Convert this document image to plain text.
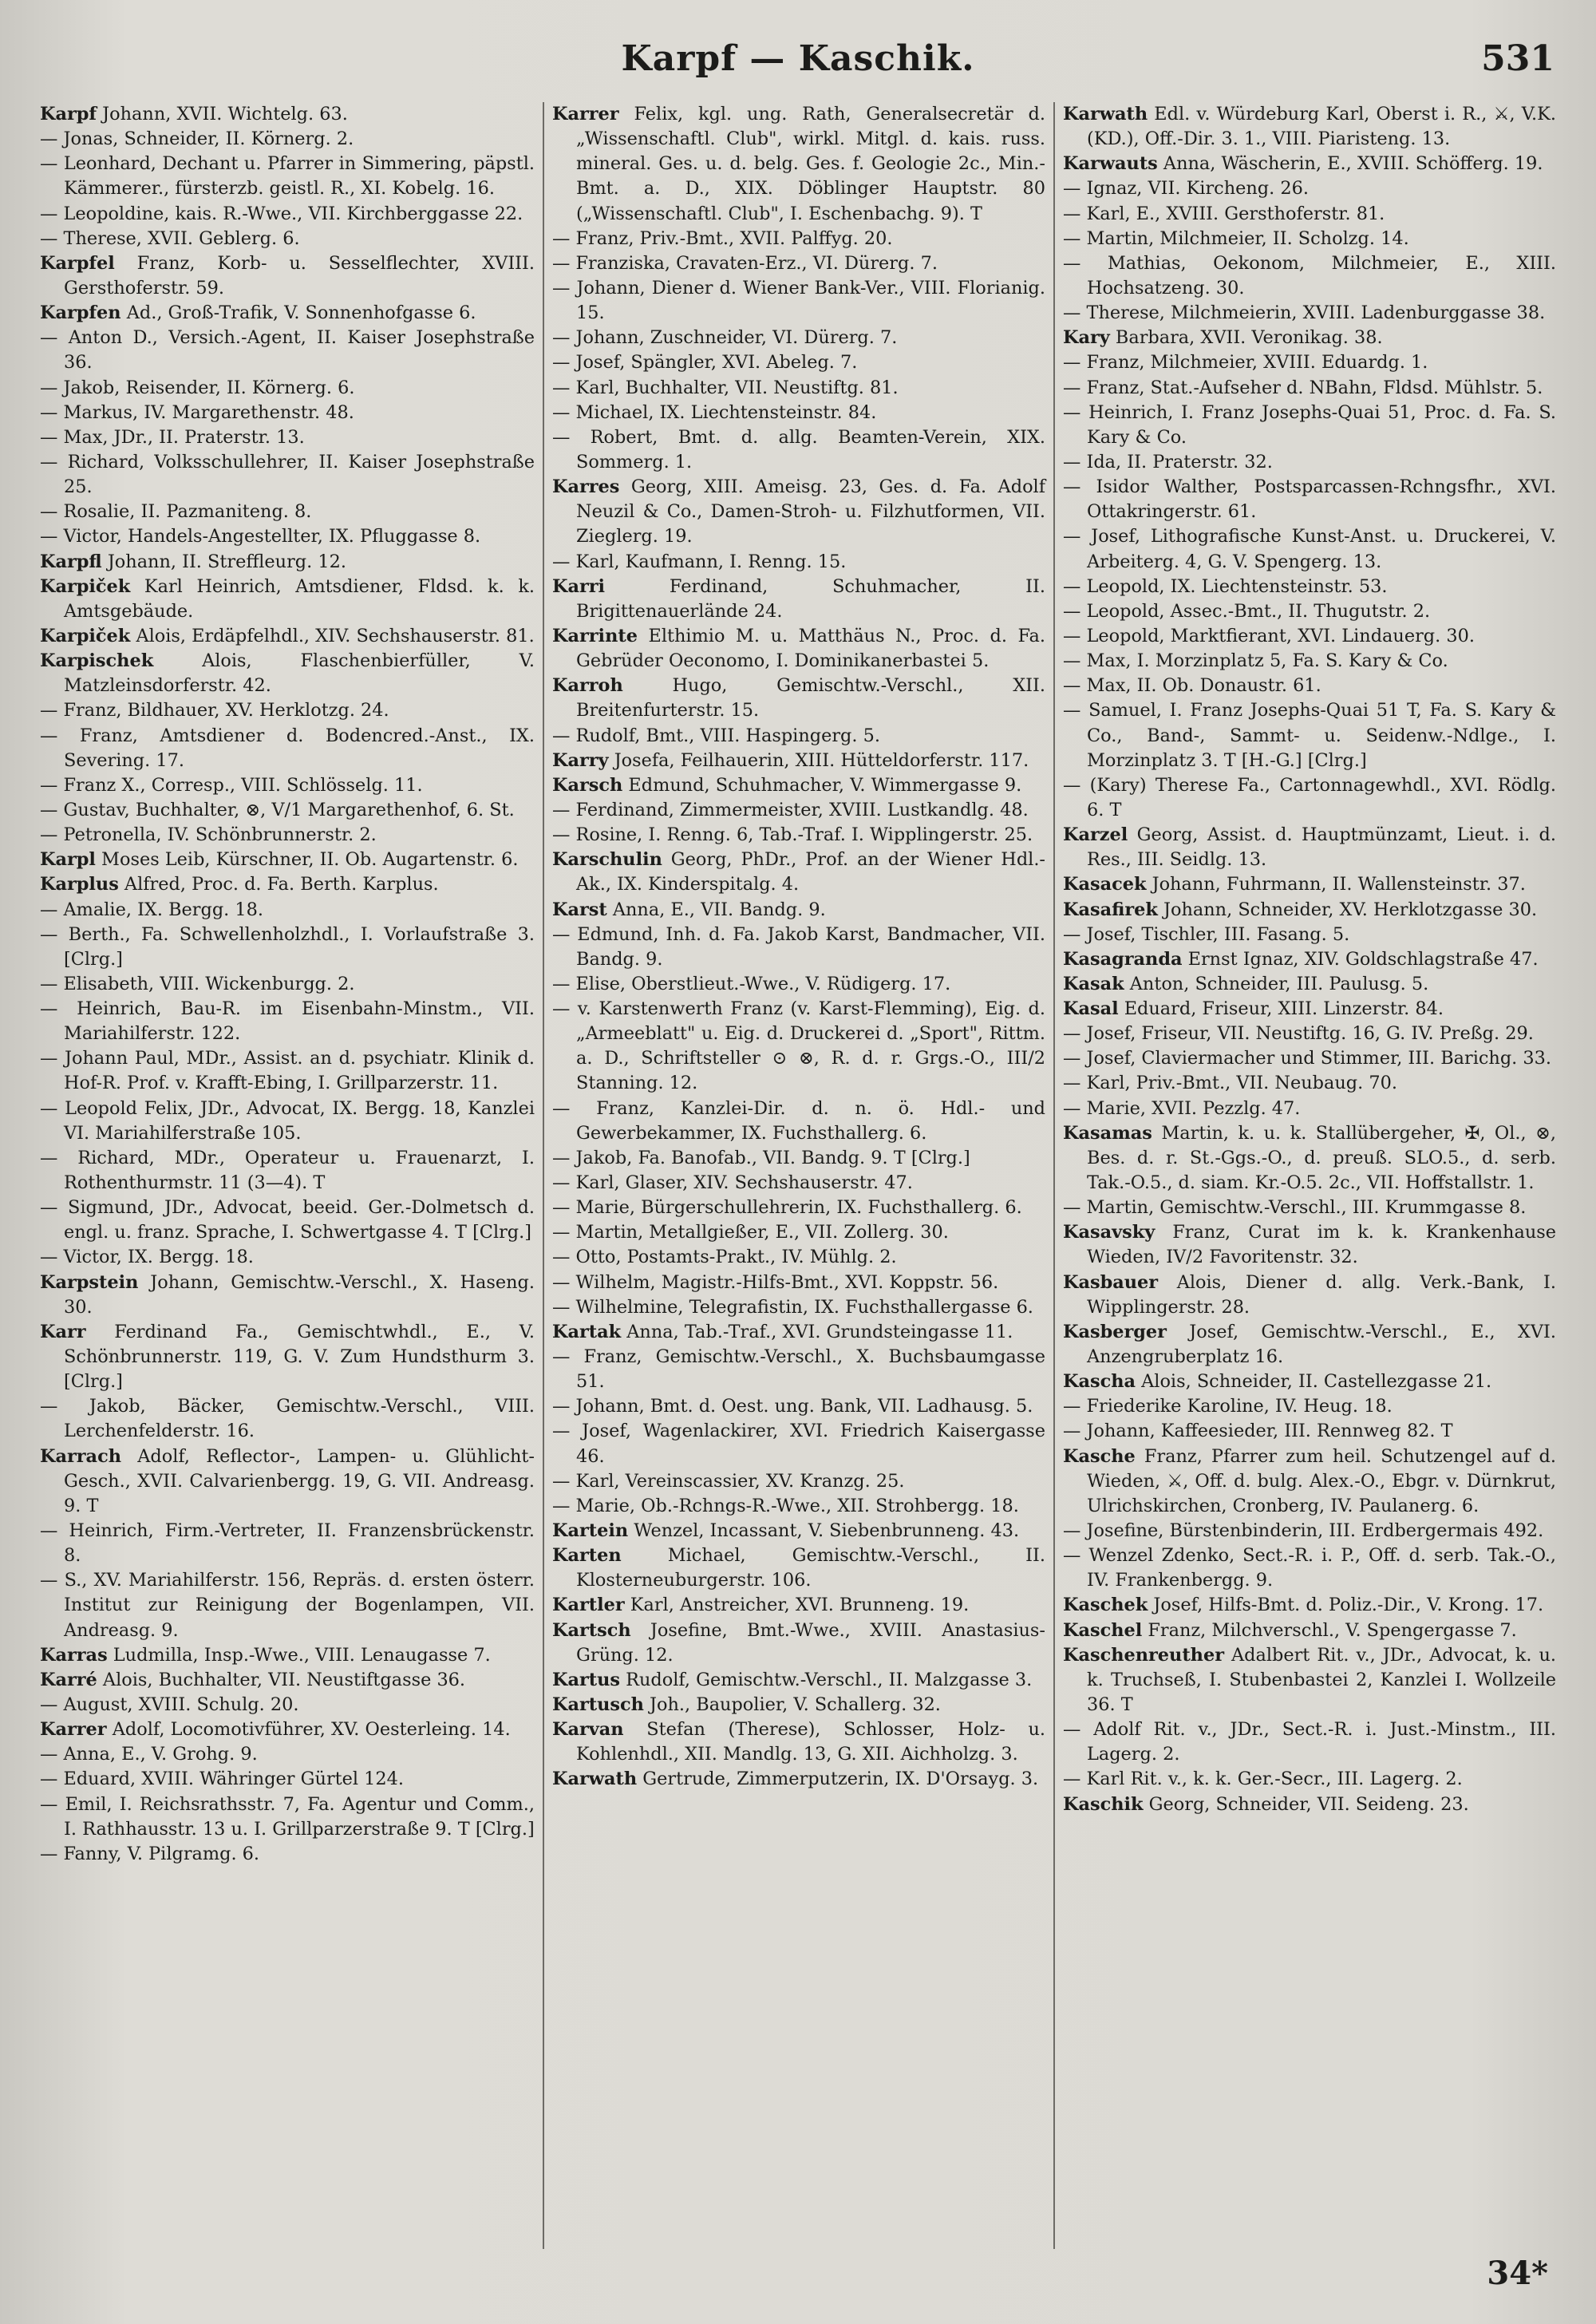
Karpf — Kaschik.	531

Karpf Johann, XVII. Wichtelg. 63.

— Jonas, Schneider, II. Körnerg. 2.

— Leonhard, Dechant u. Pfarrer in Simmering, päpstl. Kämmerer., fürsterzb. geistl. R., XI. Kobelg. 16.

— Leopoldine, kais. R.-Wwe., VII. Kirchberggasse 22.

— Therese, XVII. Geblerg. 6.

Karpfel Franz, Korb- u. Sesselflechter, XVIII. Gersthoferstr. 59.

Karpfen Ad., Groß-Trafik, V. Sonnenhofgasse 6.

— Anton D., Versich.-Agent, II. Kaiser Josephstraße 36.

— Jakob, Reisender, II. Körnerg. 6.

— Markus, IV. Margarethenstr. 48.

— Max, JDr., II. Praterstr. 13.

— Richard, Volksschullehrer, II. Kaiser Josephstraße 25.

— Rosalie, II. Pazmaniteng. 8.

— Victor, Handels-Angestellter, IX. Pfluggasse 8.

Karpfl Johann, II. Streffleurg. 12.

Karpiček Karl Heinrich, Amtsdiener, Fldsd. k. k. Amtsgebäude.

Karpiček Alois, Erdäpfelhdl., XIV. Sechshauserstr. 81.

Karpischek Alois, Flaschenbierfüller, V. Matzleinsdorferstr. 42.

— Franz, Bildhauer, XV. Herklotzg. 24.

— Franz, Amtsdiener d. Bodencred.-Anst., IX. Severing. 17.

— Franz X., Corresp., VIII. Schlösselg. 11.

— Gustav, Buchhalter, ⊗, V/1 Margarethenhof, 6. St.

— Petronella, IV. Schönbrunnerstr. 2.

Karpl Moses Leib, Kürschner, II. Ob. Augartenstr. 6.

Karplus Alfred, Proc. d. Fa. Berth. Karplus.

— Amalie, IX. Bergg. 18.

— Berth., Fa. Schwellenholzhdl., I. Vorlaufstraße 3. [Clrg.]

— Elisabeth, VIII. Wickenburgg. 2.

— Heinrich, Bau-R. im Eisenbahn-Minstm., VII. Mariahilferstr. 122.

— Johann Paul, MDr., Assist. an d. psychiatr. Klinik d. Hof-R. Prof. v. Krafft-Ebing, I. Grillparzerstr. 11.

— Leopold Felix, JDr., Advocat, IX. Bergg. 18, Kanzlei VI. Mariahilferstraße 105.

— Richard, MDr., Operateur u. Frauenarzt, I. Rothenthurmstr. 11 (3—4). T

— Sigmund, JDr., Advocat, beeid. Ger.-Dolmetsch d. engl. u. franz. Sprache, I. Schwertgasse 4. T [Clrg.]

— Victor, IX. Bergg. 18.

Karpstein Johann, Gemischtw.-Verschl., X. Haseng. 30.

Karr Ferdinand Fa., Gemischtwhdl., E., V. Schönbrunnerstr. 119, G. V. Zum Hundsthurm 3. [Clrg.]

— Jakob, Bäcker, Gemischtw.-Verschl., VIII. Lerchenfelderstr. 16.

Karrach Adolf, Reflector-, Lampen- u. Glühlicht-Gesch., XVII. Calvarienbergg. 19, G. VII. Andreasg. 9. T

— Heinrich, Firm.-Vertreter, II. Franzensbrückenstr. 8.

— S., XV. Mariahilferstr. 156, Repräs. d. ersten österr. Institut zur Reinigung der Bogenlampen, VII. Andreasg. 9.

Karras Ludmilla, Insp.-Wwe., VIII. Lenaugasse 7.

Karré Alois, Buchhalter, VII. Neustiftgasse 36.

— August, XVIII. Schulg. 20.

Karrer Adolf, Locomotivführer, XV. Oesterleing. 14.

— Anna, E., V. Grohg. 9.

— Eduard, XVIII. Währinger Gürtel 124.

— Emil, I. Reichsrathsstr. 7, Fa. Agentur und Comm., I. Rathhausstr. 13 u. I. Grillparzerstraße 9. T [Clrg.]

— Fanny, V. Pilgramg. 6.

Karrer Felix, kgl. ung. Rath, Generalsecretär d. „Wissenschaftl. Club", wirkl. Mitgl. d. kais. russ. mineral. Ges. u. d. belg. Ges. f. Geologie 2c., Min.-Bmt. a. D., XIX. Döblinger Hauptstr. 80 („Wissenschaftl. Club", I. Eschenbachg. 9). T

— Franz, Priv.-Bmt., XVII. Palffyg. 20.

— Franziska, Cravaten-Erz., VI. Dürerg. 7.

— Johann, Diener d. Wiener Bank-Ver., VIII. Florianig. 15.

— Johann, Zuschneider, VI. Dürerg. 7.

— Josef, Spängler, XVI. Abeleg. 7.

— Karl, Buchhalter, VII. Neustiftg. 81.

— Michael, IX. Liechtensteinstr. 84.

— Robert, Bmt. d. allg. Beamten-Verein, XIX. Sommerg. 1.

Karres Georg, XIII. Ameisg. 23, Ges. d. Fa. Adolf Neuzil & Co., Damen-Stroh- u. Filzhutformen, VII. Zieglerg. 19.

— Karl, Kaufmann, I. Renng. 15.

Karri Ferdinand, Schuhmacher, II. Brigittenauerlände 24.

Karrinte Elthimio M. u. Matthäus N., Proc. d. Fa. Gebrüder Oeconomo, I. Dominikanerbastei 5.

Karroh Hugo, Gemischtw.-Verschl., XII. Breitenfurterstr. 15.

— Rudolf, Bmt., VIII. Haspingerg. 5.

Karry Josefa, Feilhauerin, XIII. Hütteldorferstr. 117.

Karsch Edmund, Schuhmacher, V. Wimmergasse 9.

— Ferdinand, Zimmermeister, XVIII. Lustkandlg. 48.

— Rosine, I. Renng. 6, Tab.-Traf. I. Wipplingerstr. 25.

Karschulin Georg, PhDr., Prof. an der Wiener Hdl.-Ak., IX. Kinderspitalg. 4.

Karst Anna, E., VII. Bandg. 9.

— Edmund, Inh. d. Fa. Jakob Karst, Bandmacher, VII. Bandg. 9.

— Elise, Oberstlieut.-Wwe., V. Rüdigerg. 17.

— v. Karstenwerth Franz (v. Karst-Flemming), Eig. d. „Armeeblatt" u. Eig. d. Druckerei d. „Sport", Rittm. a. D., Schriftsteller ⊙ ⊗, R. d. r. Grgs.-O., III/2 Stanning. 12.

— Franz, Kanzlei-Dir. d. n. ö. Hdl.- und Gewerbekammer, IX. Fuchsthallerg. 6.

— Jakob, Fa. Banofab., VII. Bandg. 9. T [Clrg.]

— Karl, Glaser, XIV. Sechshauserstr. 47.

— Marie, Bürgerschullehrerin, IX. Fuchsthallerg. 6.

— Martin, Metallgießer, E., VII. Zollerg. 30.

— Otto, Postamts-Prakt., IV. Mühlg. 2.

— Wilhelm, Magistr.-Hilfs-Bmt., XVI. Koppstr. 56.

— Wilhelmine, Telegrafistin, IX. Fuchsthallergasse 6.

Kartak Anna, Tab.-Traf., XVI. Grundsteingasse 11.

— Franz, Gemischtw.-Verschl., X. Buchsbaumgasse 51.

— Johann, Bmt. d. Oest. ung. Bank, VII. Ladhausg. 5.

— Josef, Wagenlackirer, XVI. Friedrich Kaisergasse 46.

— Karl, Vereinscassier, XV. Kranzg. 25.

— Marie, Ob.-Rchngs-R.-Wwe., XII. Strohbergg. 18.

Kartein Wenzel, Incassant, V. Siebenbrunneng. 43.

Karten Michael, Gemischtw.-Verschl., II. Klosterneuburgerstr. 106.

Kartler Karl, Anstreicher, XVI. Brunneng. 19.

Kartsch Josefine, Bmt.-Wwe., XVIII. Anastasius-Grüng. 12.

Kartus Rudolf, Gemischtw.-Verschl., II. Malzgasse 3.

Kartusch Joh., Baupolier, V. Schallerg. 32.

Karvan Stefan (Therese), Schlosser, Holz- u. Kohlenhdl., XII. Mandlg. 13, G. XII. Aichholzg. 3.

Karwath Gertrude, Zimmerputzerin, IX. D'Orsayg. 3.

Karwath Edl. v. Würdeburg Karl, Oberst i. R., ⚔, V.K. (KD.), Off.-Dir. 3. 1., VIII. Piaristeng. 13.

Karwauts Anna, Wäscherin, E., XVIII. Schöfferg. 19.

— Ignaz, VII. Kircheng. 26.

— Karl, E., XVIII. Gersthoferstr. 81.

— Martin, Milchmeier, II. Scholzg. 14.

— Mathias, Oekonom, Milchmeier, E., XIII. Hochsatzeng. 30.

— Therese, Milchmeierin, XVIII. Ladenburggasse 38.

Kary Barbara, XVII. Veronikag. 38.

— Franz, Milchmeier, XVIII. Eduardg. 1.

— Franz, Stat.-Aufseher d. NBahn, Fldsd. Mühlstr. 5.

— Heinrich, I. Franz Josephs-Quai 51, Proc. d. Fa. S. Kary & Co.

— Ida, II. Praterstr. 32.

— Isidor Walther, Postsparcassen-Rchngsfhr., XVI. Ottakringerstr. 61.

— Josef, Lithografische Kunst-Anst. u. Druckerei, V. Arbeiterg. 4, G. V. Spengerg. 13.

— Leopold, IX. Liechtensteinstr. 53.

— Leopold, Assec.-Bmt., II. Thugutstr. 2.

— Leopold, Marktfierant, XVI. Lindauerg. 30.

— Max, I. Morzinplatz 5, Fa. S. Kary & Co.

— Max, II. Ob. Donaustr. 61.

— Samuel, I. Franz Josephs-Quai 51 T, Fa. S. Kary & Co., Band-, Sammt- u. Seidenw.-Ndlge., I. Morzinplatz 3. T [H.-G.] [Clrg.]

— (Kary) Therese Fa., Cartonnagewhdl., XVI. Rödlg. 6. T

Karzel Georg, Assist. d. Hauptmünzamt, Lieut. i. d. Res., III. Seidlg. 13.

Kasacek Johann, Fuhrmann, II. Wallensteinstr. 37.

Kasafirek Johann, Schneider, XV. Herklotzgasse 30.

— Josef, Tischler, III. Fasang. 5.

Kasagranda Ernst Ignaz, XIV. Goldschlagstraße 47.

Kasak Anton, Schneider, III. Paulusg. 5.

Kasal Eduard, Friseur, XIII. Linzerstr. 84.

— Josef, Friseur, VII. Neustiftg. 16, G. IV. Preßg. 29.

— Josef, Claviermacher und Stimmer, III. Barichg. 33.

— Karl, Priv.-Bmt., VII. Neubaug. 70.

— Marie, XVII. Pezzlg. 47.

Kasamas Martin, k. u. k. Stallübergeher, ✠, Ol., ⊗, Bes. d. r. St.-Ggs.-O., d. preuß. SLO.5., d. serb. Tak.-O.5., d. siam. Kr.-O.5. 2c., VII. Hoffstallstr. 1.

— Martin, Gemischtw.-Verschl., III. Krummgasse 8.

Kasavsky Franz, Curat im k. k. Krankenhause Wieden, IV/2 Favoritenstr. 32.

Kasbauer Alois, Diener d. allg. Verk.-Bank, I. Wipplingerstr. 28.

Kasberger Josef, Gemischtw.-Verschl., E., XVI. Anzengruberplatz 16.

Kascha Alois, Schneider, II. Castellezgasse 21.

— Friederike Karoline, IV. Heug. 18.

— Johann, Kaffeesieder, III. Rennweg 82. T

Kasche Franz, Pfarrer zum heil. Schutzengel auf d. Wieden, ⚔, Off. d. bulg. Alex.-O., Ebgr. v. Dürnkrut, Ulrichskirchen, Cronberg, IV. Paulanerg. 6.

— Josefine, Bürstenbinderin, III. Erdbergermais 492.

— Wenzel Zdenko, Sect.-R. i. P., Off. d. serb. Tak.-O., IV. Frankenbergg. 9.

Kaschek Josef, Hilfs-Bmt. d. Poliz.-Dir., V. Krong. 17.

Kaschel Franz, Milchverschl., V. Spengergasse 7.

Kaschenreuther Adalbert Rit. v., JDr., Advocat, k. u. k. Truchseß, I. Stubenbastei 2, Kanzlei I. Wollzeile 36. T

— Adolf Rit. v., JDr., Sect.-R. i. Just.-Minstm., III. Lagerg. 2.

— Karl Rit. v., k. k. Ger.-Secr., III. Lagerg. 2.

Kaschik Georg, Schneider, VII. Seideng. 23.

34*
